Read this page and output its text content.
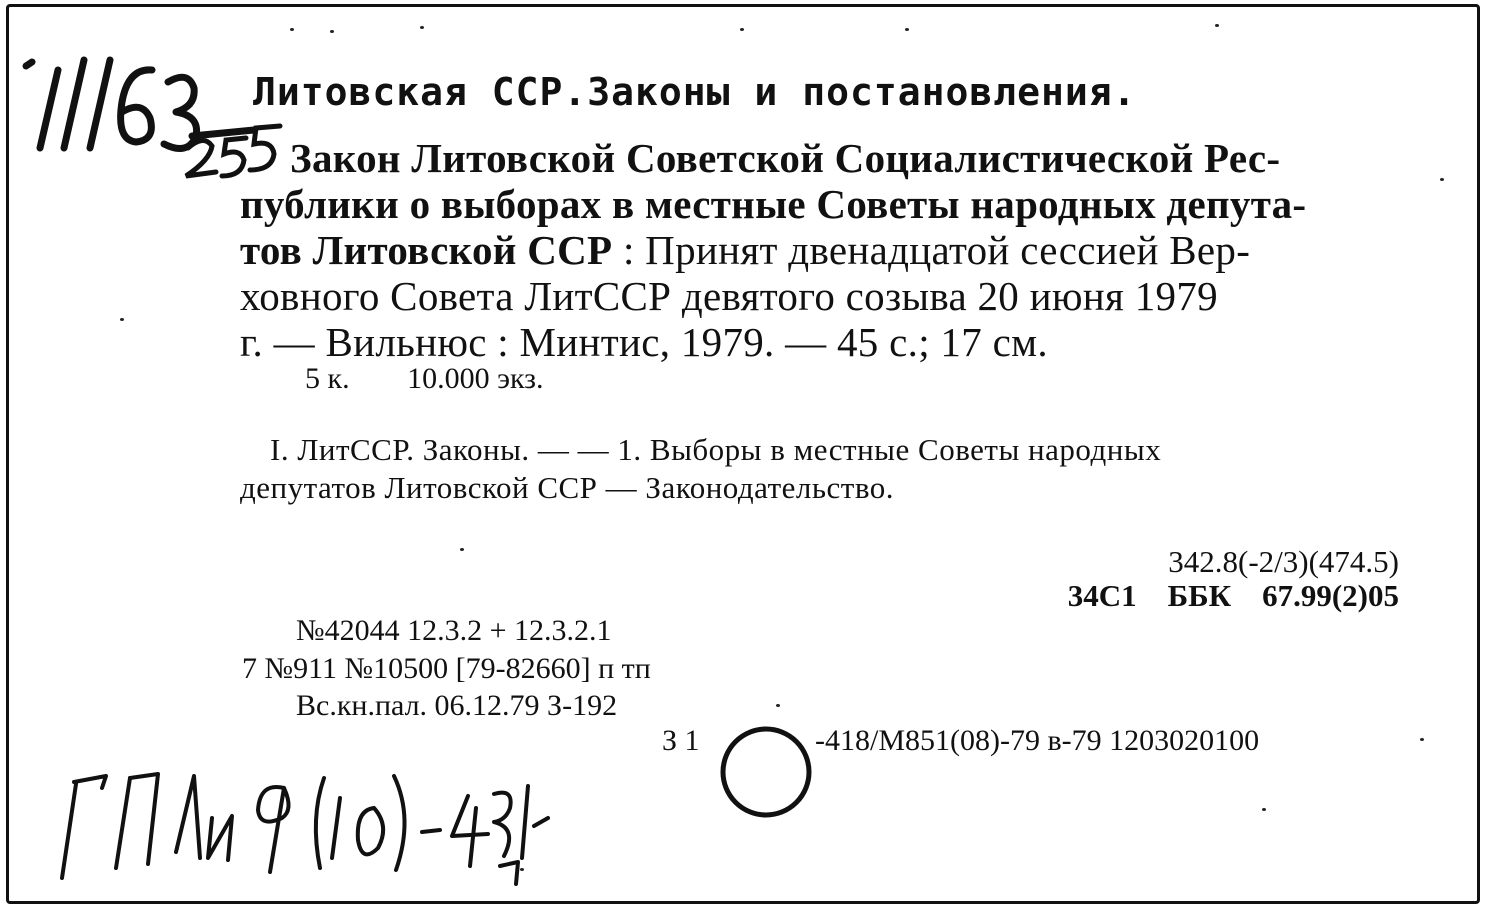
Литовская ССР.Законы и постановления.
Закон Литовской Советской Социалистической Рес-
публики о выборах в местные Советы народных депута-
тов Литовской ССР : Принят двенадцатой сессией Вер-
ховного Совета ЛитССР девятого созыва 20 июня 1979
г. — Вильнюс : Минтис, 1979. — 45 с.; 17 см.
5 к. 10.000 экз.
I. ЛитССР. Законы. — — 1. Выборы в местные Советы народных
депутатов Литовской ССР — Законодательство.
342.8(-2/3)(474.5)
34С1 ББК 67.99(2)05
№42044 12.3.2 + 12.3.2.1
7 №911 №10500 [79-82660] п тп
Вс.кн.пал. 06.12.79 З-192
З 1	-418/М851(08)-79 в-79 1203020100
